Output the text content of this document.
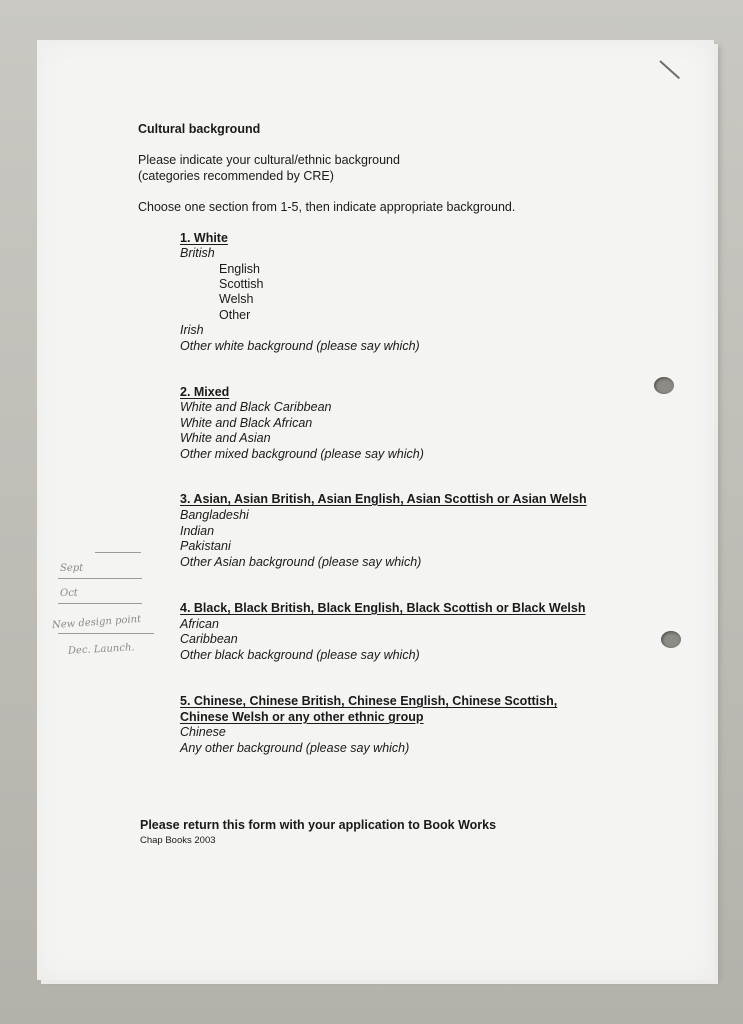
Cultural background
Please indicate your cultural/ethnic background
(categories recommended by CRE)
Choose one section from 1-5, then indicate appropriate background.
1. White
British
English
Scottish
Welsh
Other
Irish
Other white background (please say which)
2. Mixed
White and Black Caribbean
White and Black African
White and Asian
Other mixed background (please say which)
3. Asian, Asian British, Asian English, Asian Scottish or Asian Welsh
Bangladeshi
Indian
Pakistani
Other Asian background (please say which)
4. Black, Black British, Black English, Black Scottish or Black Welsh
African
Caribbean
Other black background (please say which)
5. Chinese, Chinese British, Chinese English, Chinese Scottish,
Chinese Welsh or any other ethnic group
Chinese
Any other background (please say which)
Please return this form with your application to Book Works
Chap Books 2003
Sept
Oct
New design point
Dec. Launch.
